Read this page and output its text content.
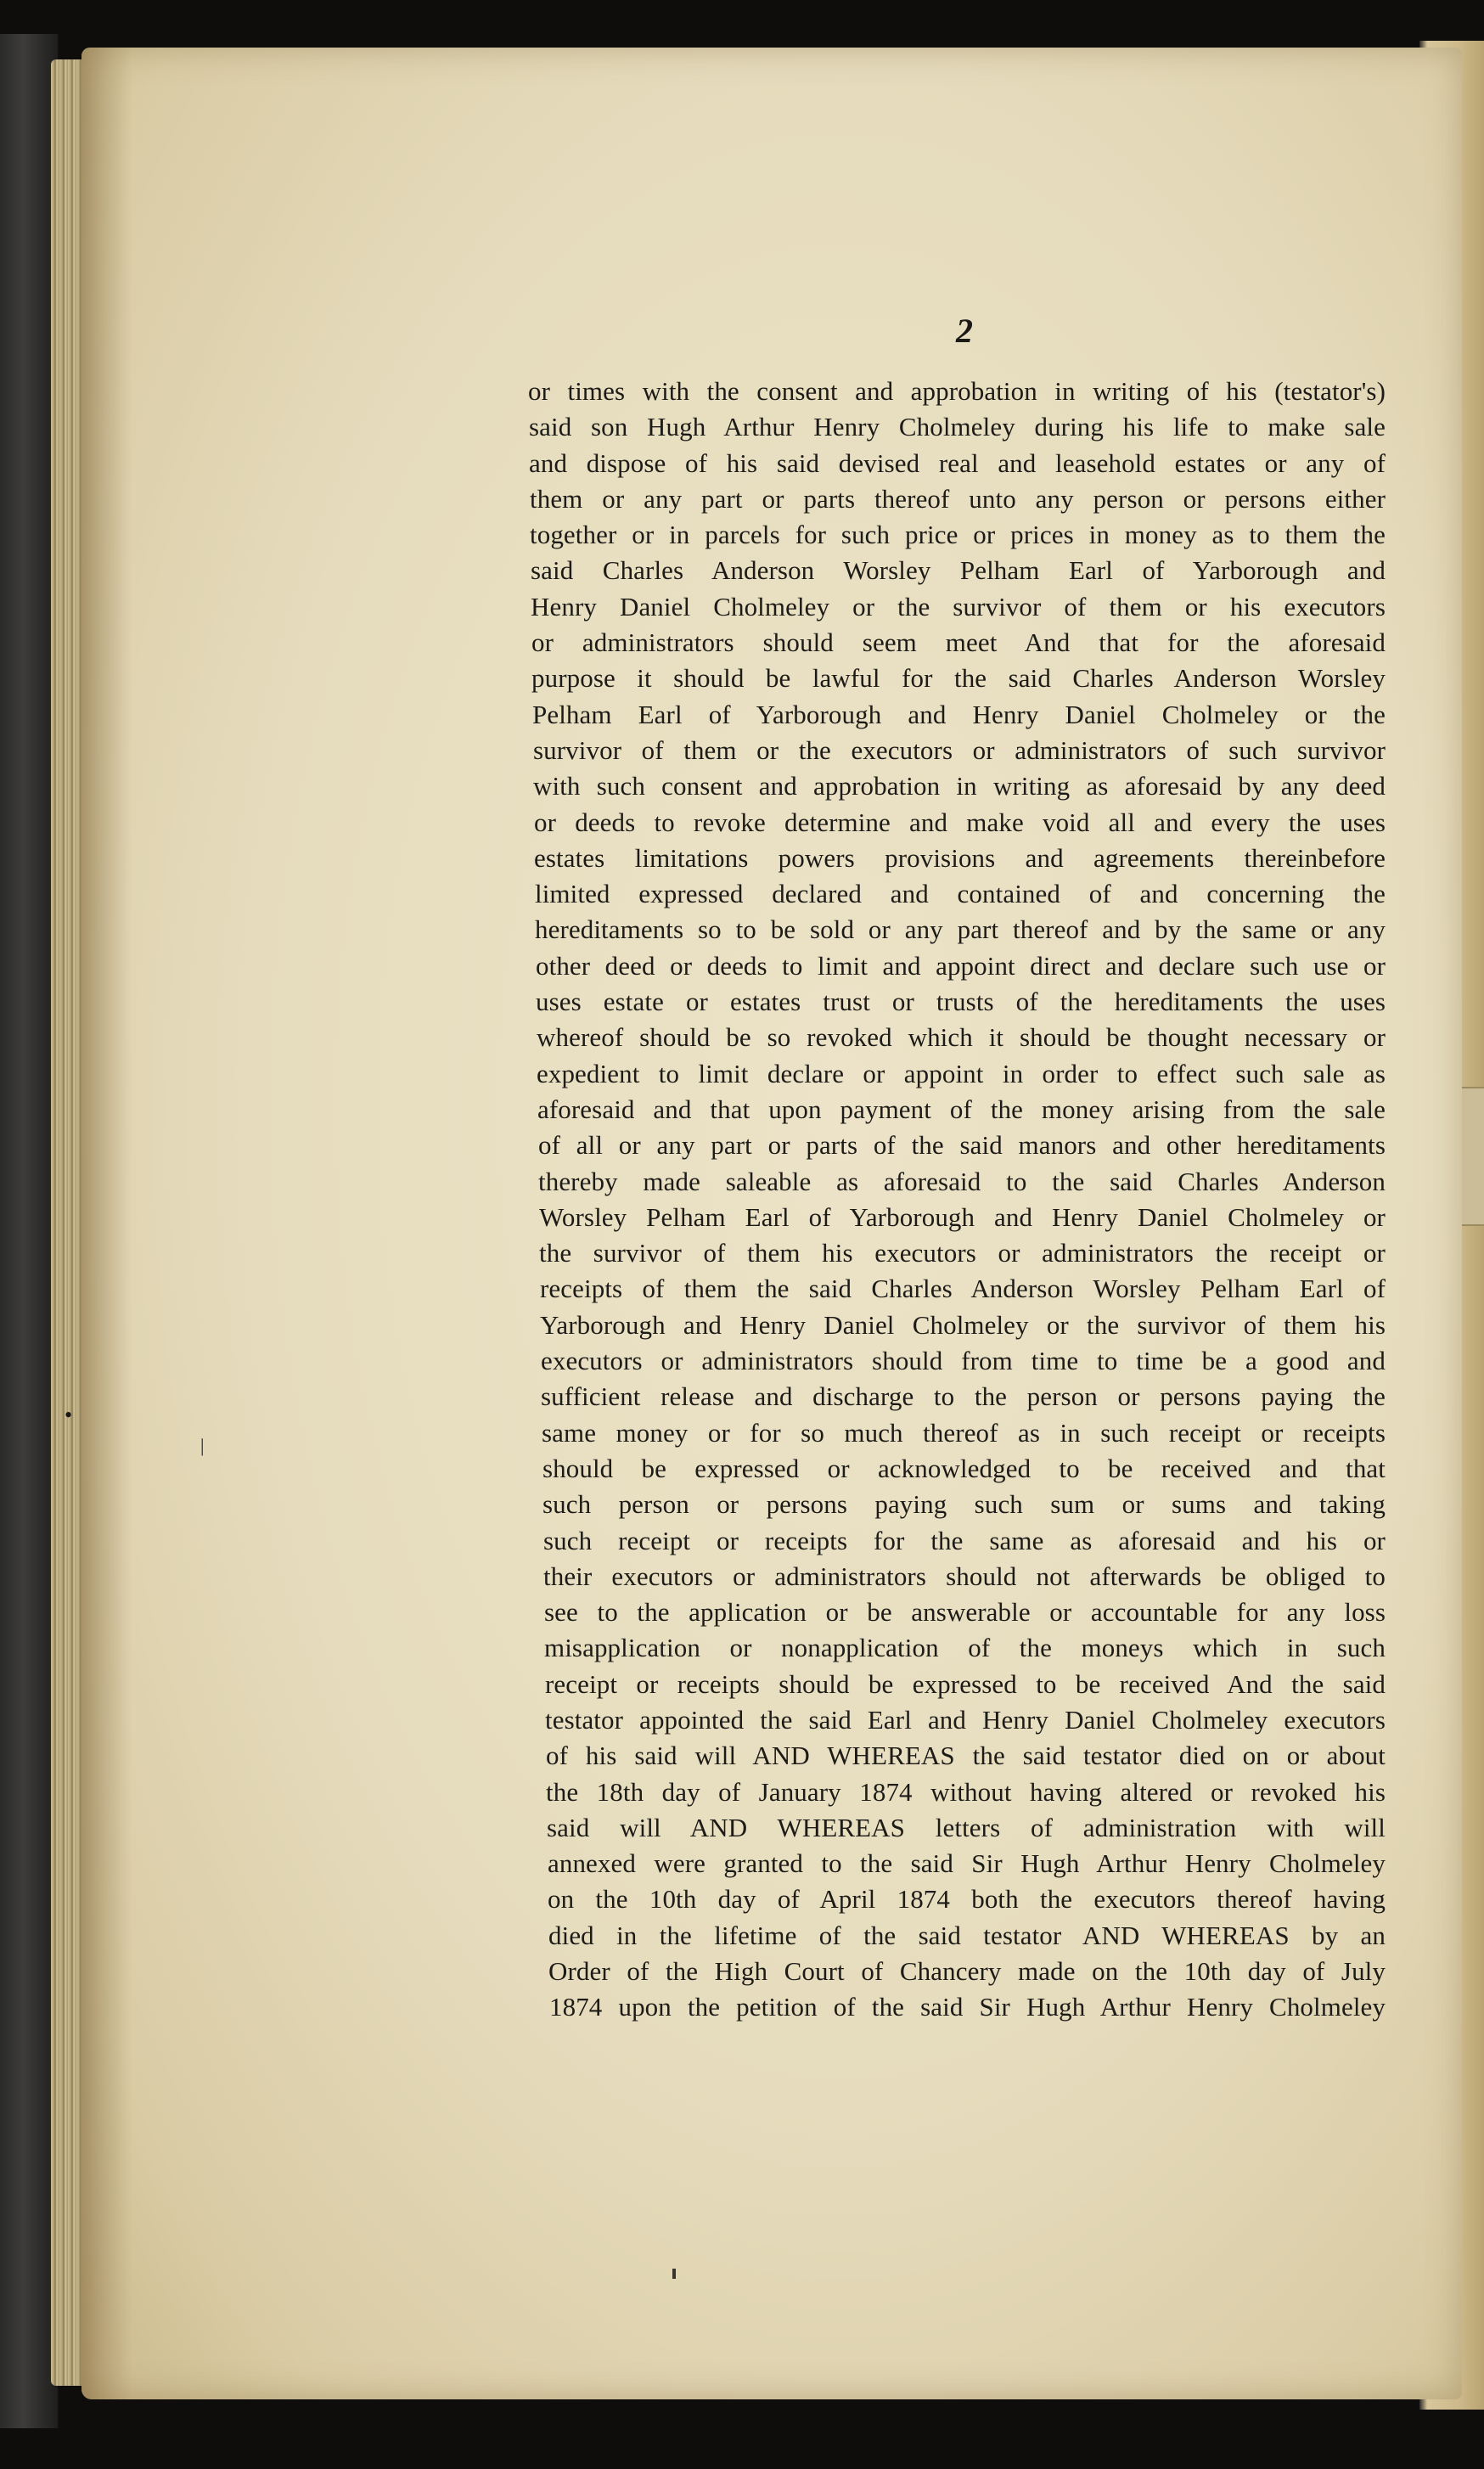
2
or times with the consent and approbation in writing of his (testator's)
said son Hugh Arthur Henry Cholmeley during his life to make sale
and dispose of his said devised real and leasehold estates or any of
them or any part or parts thereof unto any person or persons either
together or in parcels for such price or prices in money as to them the
said Charles Anderson Worsley Pelham Earl of Yarborough and
Henry Daniel Cholmeley or the survivor of them or his executors
or administrators should seem meet And that for the aforesaid
purpose it should be lawful for the said Charles Anderson Worsley
Pelham Earl of Yarborough and Henry Daniel Cholmeley or the
survivor of them or the executors or administrators of such survivor
with such consent and approbation in writing as aforesaid by any deed
or deeds to revoke determine and make void all and every the uses
estates limitations powers provisions and agreements thereinbefore
limited expressed declared and contained of and concerning the
hereditaments so to be sold or any part thereof and by the same or any
other deed or deeds to limit and appoint direct and declare such use or
uses estate or estates trust or trusts of the hereditaments the uses
whereof should be so revoked which it should be thought necessary or
expedient to limit declare or appoint in order to effect such sale as
aforesaid and that upon payment of the money arising from the sale
of all or any part or parts of the said manors and other hereditaments
thereby made saleable as aforesaid to the said Charles Anderson
Worsley Pelham Earl of Yarborough and Henry Daniel Cholmeley or
the survivor of them his executors or administrators the receipt or
receipts of them the said Charles Anderson Worsley Pelham Earl of
Yarborough and Henry Daniel Cholmeley or the survivor of them his
executors or administrators should from time to time be a good and
sufficient release and discharge to the person or persons paying the
same money or for so much thereof as in such receipt or receipts
should be expressed or acknowledged to be received and that
such person or persons paying such sum or sums and taking
such receipt or receipts for the same as aforesaid and his or
their executors or administrators should not afterwards be obliged to
see to the application or be answerable or accountable for any loss
misapplication or nonapplication of the moneys which in such
receipt or receipts should be expressed to be received And the said
testator appointed the said Earl and Henry Daniel Cholmeley executors
of his said will AND WHEREAS the said testator died on or about
the 18th day of January 1874 without having altered or revoked his
said will AND WHEREAS letters of administration with will
annexed were granted to the said Sir Hugh Arthur Henry Cholmeley
on the 10th day of April 1874 both the executors thereof having
died in the lifetime of the said testator AND WHEREAS by an
Order of the High Court of Chancery made on the 10th day of July
1874 upon the petition of the said Sir Hugh Arthur Henry Cholmeley
•
|
